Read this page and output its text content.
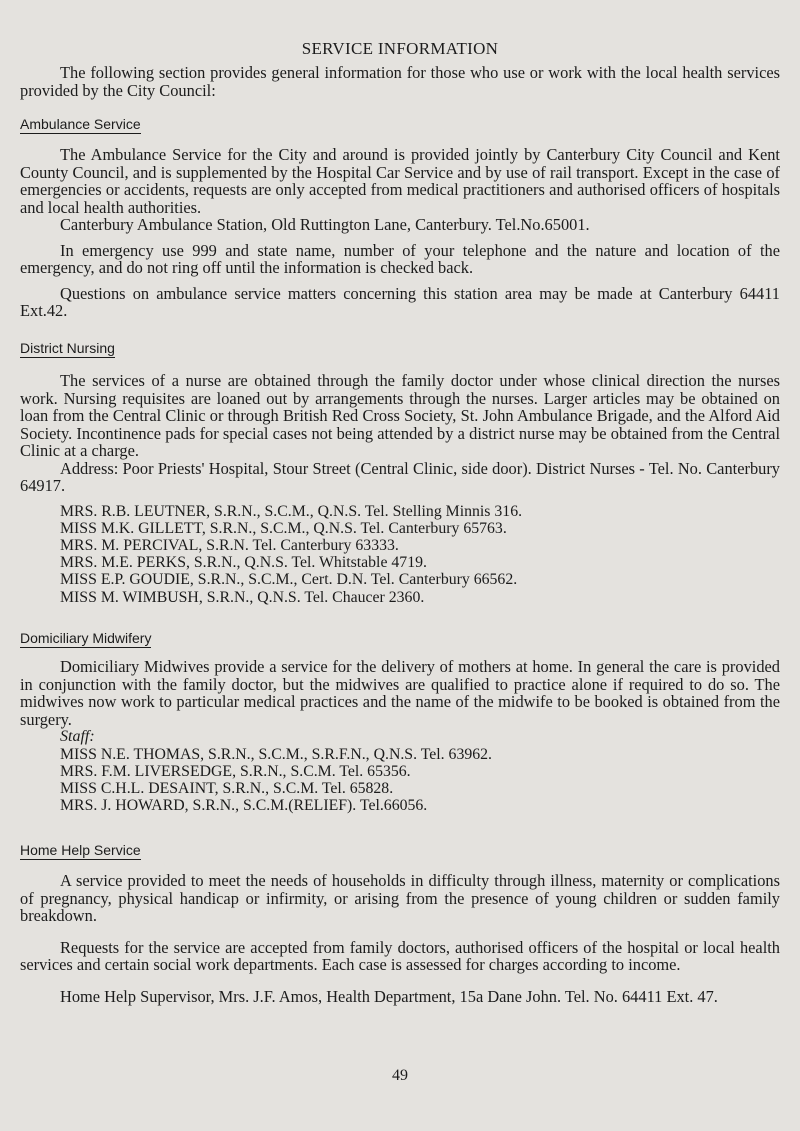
SERVICE INFORMATION

The following section provides general information for those who use or work with the local health services provided by the City Council:

Ambulance Service

The Ambulance Service for the City and around is provided jointly by Canterbury City Council and Kent County Council, and is supplemented by the Hospital Car Service and by use of rail transport. Except in the case of emergencies or accidents, requests are only accepted from medical practitioners and authorised officers of hospitals and local health authorities.

Canterbury Ambulance Station, Old Ruttington Lane, Canterbury. Tel.No.65001.

In emergency use 999 and state name, number of your telephone and the nature and location of the emergency, and do not ring off until the information is checked back.

Questions on ambulance service matters concerning this station area may be made at Canterbury 64411 Ext.42.

District Nursing

The services of a nurse are obtained through the family doctor under whose clinical direction the nurses work. Nursing requisites are loaned out by arrangements through the nurses. Larger articles may be obtained on loan from the Central Clinic or through British Red Cross Society, St. John Ambulance Brigade, and the Alford Aid Society. Incontinence pads for special cases not being attended by a district nurse may be obtained from the Central Clinic at a charge.

Address: Poor Priests' Hospital, Stour Street (Central Clinic, side door). District Nurses - Tel. No. Canterbury 64917.

MRS. R.B. LEUTNER, S.R.N., S.C.M., Q.N.S. Tel. Stelling Minnis 316.

MISS M.K. GILLETT, S.R.N., S.C.M., Q.N.S. Tel. Canterbury 65763.

MRS. M. PERCIVAL, S.R.N. Tel. Canterbury 63333.

MRS. M.E. PERKS, S.R.N., Q.N.S. Tel. Whitstable 4719.

MISS E.P. GOUDIE, S.R.N., S.C.M., Cert. D.N. Tel. Canterbury 66562.

MISS M. WIMBUSH, S.R.N., Q.N.S. Tel. Chaucer 2360.

Domiciliary Midwifery

Domiciliary Midwives provide a service for the delivery of mothers at home. In general the care is provided in conjunction with the family doctor, but the midwives are qualified to practice alone if required to do so. The midwives now work to particular medical practices and the name of the midwife to be booked is obtained from the surgery.

Staff:

MISS N.E. THOMAS, S.R.N., S.C.M., S.R.F.N., Q.N.S. Tel. 63962.

MRS. F.M. LIVERSEDGE, S.R.N., S.C.M. Tel. 65356.

MISS C.H.L. DESAINT, S.R.N., S.C.M. Tel. 65828.

MRS. J. HOWARD, S.R.N., S.C.M.(RELIEF). Tel.66056.

Home Help Service

A service provided to meet the needs of households in difficulty through illness, maternity or complications of pregnancy, physical handicap or infirmity, or arising from the presence of young children or sudden family breakdown.

Requests for the service are accepted from family doctors, authorised officers of the hospital or local health services and certain social work departments. Each case is assessed for charges according to income.

Home Help Supervisor, Mrs. J.F. Amos, Health Department, 15a Dane John. Tel. No. 64411 Ext. 47.

49
